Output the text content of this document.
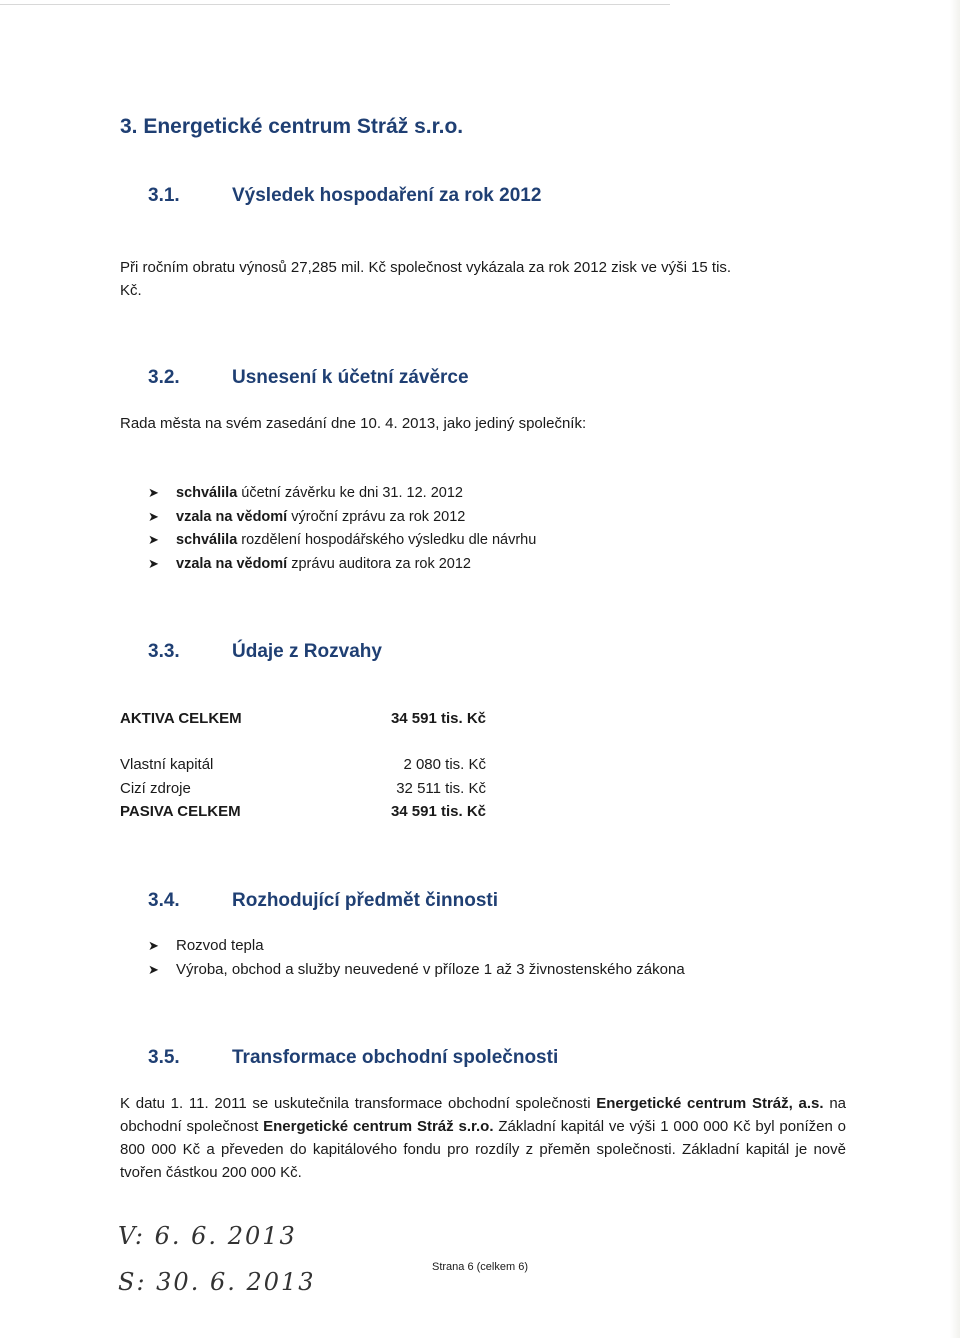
3. Energetické centrum Stráž s.r.o.
3.1.	Výsledek hospodaření za rok 2012
Při ročním obratu výnosů 27,285 mil. Kč společnost vykázala za rok 2012 zisk ve výši 15 tis.
Kč.
3.2.	Usnesení k účetní závěrce
Rada města na svém zasedání dne 10. 4. 2013, jako jediný společník:
➤ schválila účetní závěrku ke dni 31. 12. 2012
➤ vzala na vědomí výroční zprávu za rok 2012
➤ schválila rozdělení hospodářského výsledku dle návrhu
➤ vzala na vědomí zprávu auditora za rok 2012
3.3.	Údaje z Rozvahy
AKTIVA CELKEM	34 591 tis. Kč
Vlastní kapitál	2 080 tis. Kč
Cizí zdroje	32 511 tis. Kč
PASIVA CELKEM	34 591 tis. Kč
3.4.	Rozhodující předmět činnosti
➤ Rozvod tepla
➤ Výroba, obchod a služby neuvedené v příloze 1 až 3 živnostenského zákona
3.5.	Transformace obchodní společnosti
K datu 1. 11. 2011 se uskutečnila transformace obchodní společnosti Energetické centrum Stráž, a.s. na obchodní společnost Energetické centrum Stráž s.r.o. Základní kapitál ve výši 1 000 000 Kč byl ponížen o 800 000 Kč a převeden do kapitálového fondu pro rozdíly z přeměn společnosti. Základní kapitál je nově tvořen částkou 200 000 Kč.
V: 6. 6. 2013
S: 30. 6. 2013
Strana 6 (celkem 6)
